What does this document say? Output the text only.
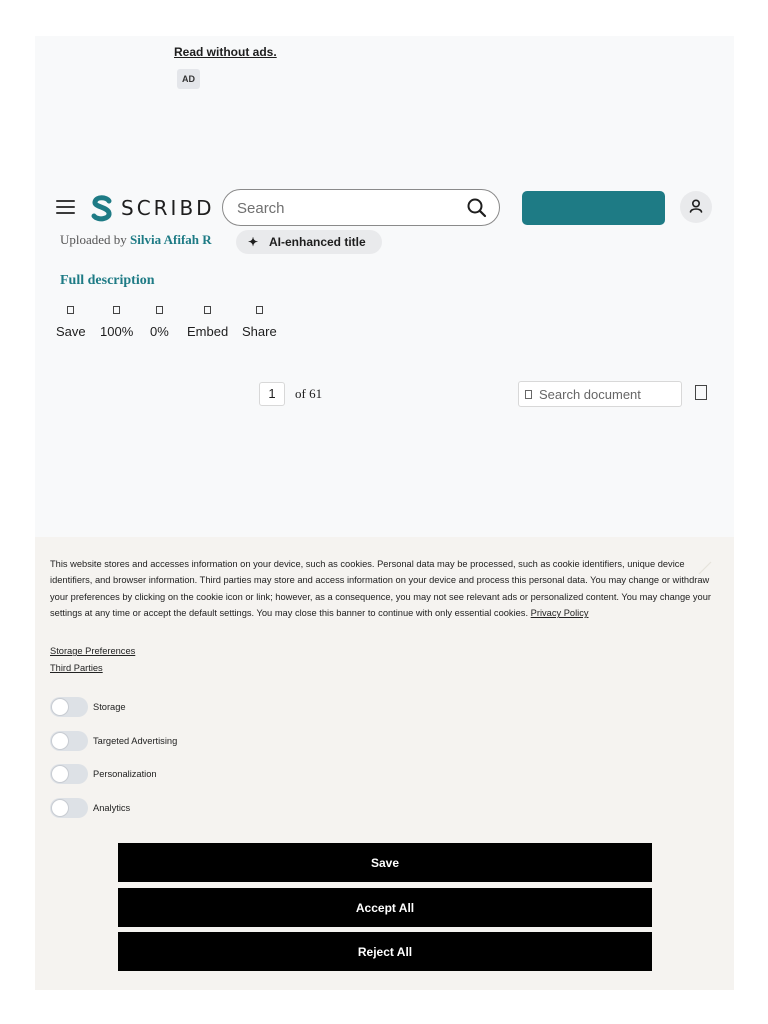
Read without ads.
AD
SCRIBD
Search
Uploaded by Silvia Afifah R	✦ AI-enhanced title
Full description
Save 100% 0% Embed Share
1	of 61
Search document
This website stores and accesses information on your device, such as cookies. Personal data may be processed, such as cookie identifiers, unique device identifiers, and browser information. Third parties may store and access information on your device and process this personal data. You may change or withdraw your preferences by clicking on the cookie icon or link; however, as a consequence, you may not see relevant ads or personalized content. You may change your settings at any time or accept the default settings. You may close this banner to continue with only essential cookies. Privacy Policy
Storage Preferences
Third Parties
Storage
Targeted Advertising
Personalization
Analytics
Save
Accept All
Reject All
